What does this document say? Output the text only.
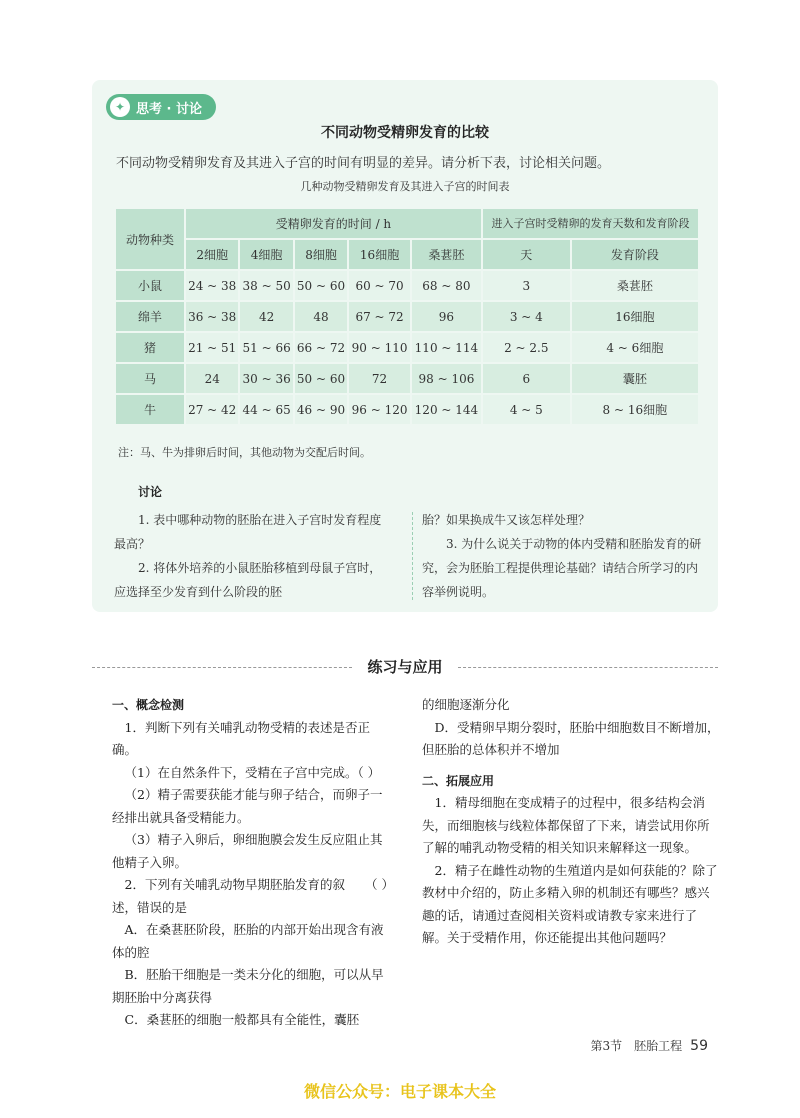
✦ 思考 · 讨论
不同动物受精卵发育的比较
不同动物受精卵发育及其进入子宫的时间有明显的差异。请分析下表，讨论相关问题。
几种动物受精卵发育及其进入子宫的时间表
动物种类	受精卵发育的时间 / h					进入子宫时受精卵的发育天数和发育阶段	
	2细胞	4细胞	8细胞	16细胞	桑葚胚	天	发育阶段
小鼠	24 ~ 38	38 ~ 50	50 ~ 60	60 ~ 70	68 ~ 80	3	桑葚胚
绵羊	36 ~ 38	42	48	67 ~ 72	96	3 ~ 4	16细胞
猪	21 ~ 51	51 ~ 66	66 ~ 72	90 ~ 110	110 ~ 114	2 ~ 2.5	4 ~ 6细胞
马	24	30 ~ 36	50 ~ 60	72	98 ~ 106	6	囊胚
牛	27 ~ 42	44 ~ 65	46 ~ 90	96 ~ 120	120 ~ 144	4 ~ 5	8 ~ 16细胞
注：马、牛为排卵后时间，其他动物为交配后时间。
讨论

1. 表中哪种动物的胚胎在进入子宫时发育程度最高？

2. 将体外培养的小鼠胚胎移植到母鼠子宫时，应选择至少发育到什么阶段的胚

胎？如果换成牛又该怎样处理？

3. 为什么说关于动物的体内受精和胚胎发育的研究，会为胚胎工程提供理论基础？请结合所学习的内容举例说明。

练习与应用

一、概念检测

1．判断下列有关哺乳动物受精的表述是否正确。

（1）在自然条件下，受精在子宫中完成。（ ）

（2）精子需要获能才能与卵子结合，而卵子一经排出就具备受精能力。

（3）精子入卵后，卵细胞膜会发生反应阻止其他精子入卵。

（ ）
2．下列有关哺乳动物早期胚胎发育的叙述，错误的是

A．在桑葚胚阶段，胚胎的内部开始出现含有液体的腔

B．胚胎干细胞是一类未分化的细胞，可以从早期胚胎中分离获得

C．桑葚胚的细胞一般都具有全能性，囊胚

的细胞逐渐分化

D．受精卵早期分裂时，胚胎中细胞数目不断增加，但胚胎的总体积并不增加

二、拓展应用

1．精母细胞在变成精子的过程中，很多结构会消失，而细胞核与线粒体都保留了下来，请尝试用你所了解的哺乳动物受精的相关知识来解释这一现象。

2．精子在雌性动物的生殖道内是如何获能的？除了教材中介绍的，防止多精入卵的机制还有哪些？感兴趣的话，请通过查阅相关资料或请教专家来进行了解。关于受精作用，你还能提出其他问题吗？

第3节　胚胎工程 59
微信公众号：电子课本大全
